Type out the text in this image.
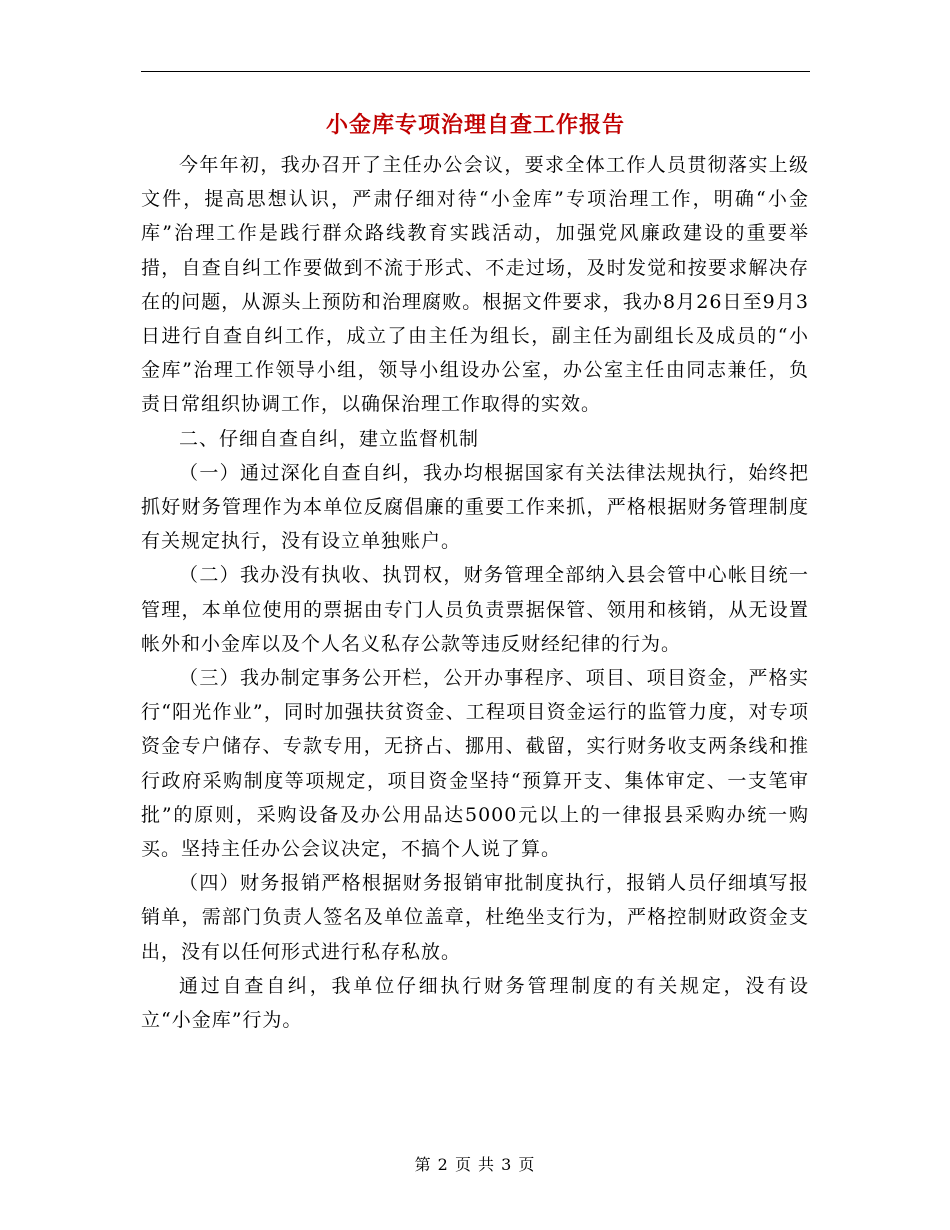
小金库专项治理自查工作报告

今年年初，我办召开了主任办公会议，要求全体工作人员贯彻落实上级文件，提高思想认识，严肃仔细对待“小金库”专项治理工作，明确“小金库”治理工作是践行群众路线教育实践活动，加强党风廉政建设的重要举措，自查自纠工作要做到不流于形式、不走过场，及时发觉和按要求解决存在的问题，从源头上预防和治理腐败。根据文件要求，我办8月26日至9月3日进行自查自纠工作，成立了由主任为组长，副主任为副组长及成员的“小金库”治理工作领导小组，领导小组设办公室，办公室主任由同志兼任，负责日常组织协调工作，以确保治理工作取得的实效。

二、仔细自查自纠，建立监督机制

（一）通过深化自查自纠，我办均根据国家有关法律法规执行，始终把抓好财务管理作为本单位反腐倡廉的重要工作来抓，严格根据财务管理制度有关规定执行，没有设立单独账户。

（二）我办没有执收、执罚权，财务管理全部纳入县会管中心帐目统一管理，本单位使用的票据由专门人员负责票据保管、领用和核销，从无设置帐外和小金库以及个人名义私存公款等违反财经纪律的行为。

（三）我办制定事务公开栏，公开办事程序、项目、项目资金，严格实行“阳光作业”，同时加强扶贫资金、工程项目资金运行的监管力度，对专项资金专户储存、专款专用，无挤占、挪用、截留，实行财务收支两条线和推行政府采购制度等项规定，项目资金坚持“预算开支、集体审定、一支笔审批”的原则，采购设备及办公用品达5000元以上的一律报县采购办统一购买。坚持主任办公会议决定，不搞个人说了算。

（四）财务报销严格根据财务报销审批制度执行，报销人员仔细填写报销单，需部门负责人签名及单位盖章，杜绝坐支行为，严格控制财政资金支出，没有以任何形式进行私存私放。

通过自查自纠，我单位仔细执行财务管理制度的有关规定，没有设立“小金库”行为。

第 2 页 共 3 页
